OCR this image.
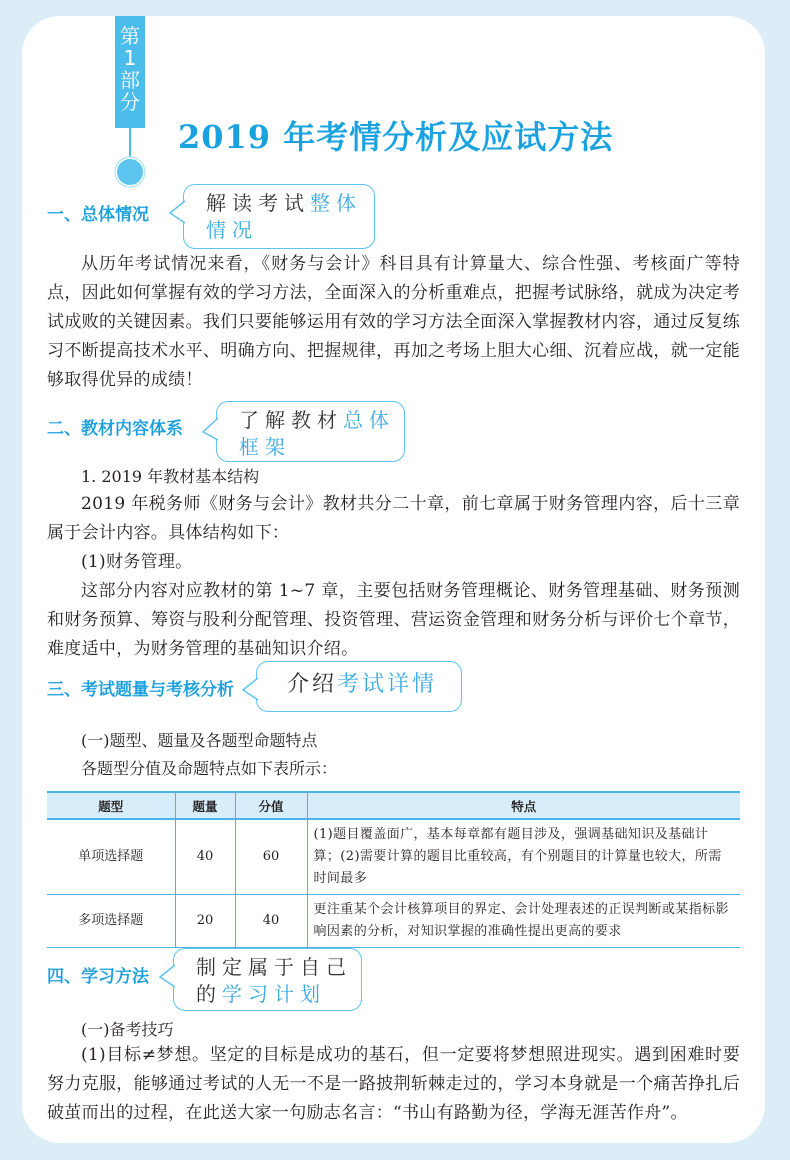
第
1
部
分
2019 年考情分析及应试方法
一、总体情况	解读考试整体
情况

从历年考试情况来看，《财务与会计》科目具有计算量大、综合性强、考核面广等特点，因此如何掌握有效的学习方法，全面深入的分析重难点，把握考试脉络，就成为决定考试成败的关键因素。我们只要能够运用有效的学习方法全面深入掌握教材内容，通过反复练习不断提高技术水平、明确方向、把握规律，再加之考场上胆大心细、沉着应战，就一定能够取得优异的成绩！

二、教材内容体系	了解教材总体
框架
1. 2019 年教材基本结构

2019 年税务师《财务与会计》教材共分二十章，前七章属于财务管理内容，后十三章属于会计内容。具体结构如下：

(1)财务管理。

这部分内容对应教材的第 1~7 章，主要包括财务管理概论、财务管理基础、财务预测和财务预算、筹资与股利分配管理、投资管理、营运资金管理和财务分析与评价七个章节，难度适中，为财务管理的基础知识介绍。

三、考试题量与考核分析	介绍考试详情
(一)题型、题量及各题型命题特点
各题型分值及命题特点如下表所示：
题型	题量	分值	特点
单项选择题	40	60	(1)题目覆盖面广，基本每章都有题目涉及，强调基础知识及基础计算；(2)需要计算的题目比重较高，有个别题目的计算量也较大，所需时间最多
多项选择题	20	40	更注重某个会计核算项目的界定、会计处理表述的正误判断或某指标影响因素的分析，对知识掌握的准确性提出更高的要求
四、学习方法	制定属于自己
的学习计划
(一)备考技巧

(1)目标≠梦想。坚定的目标是成功的基石，但一定要将梦想照进现实。遇到困难时要努力克服，能够通过考试的人无一不是一路披荆斩棘走过的，学习本身就是一个痛苦挣扎后破茧而出的过程，在此送大家一句励志名言：“书山有路勤为径，学海无涯苦作舟”。
